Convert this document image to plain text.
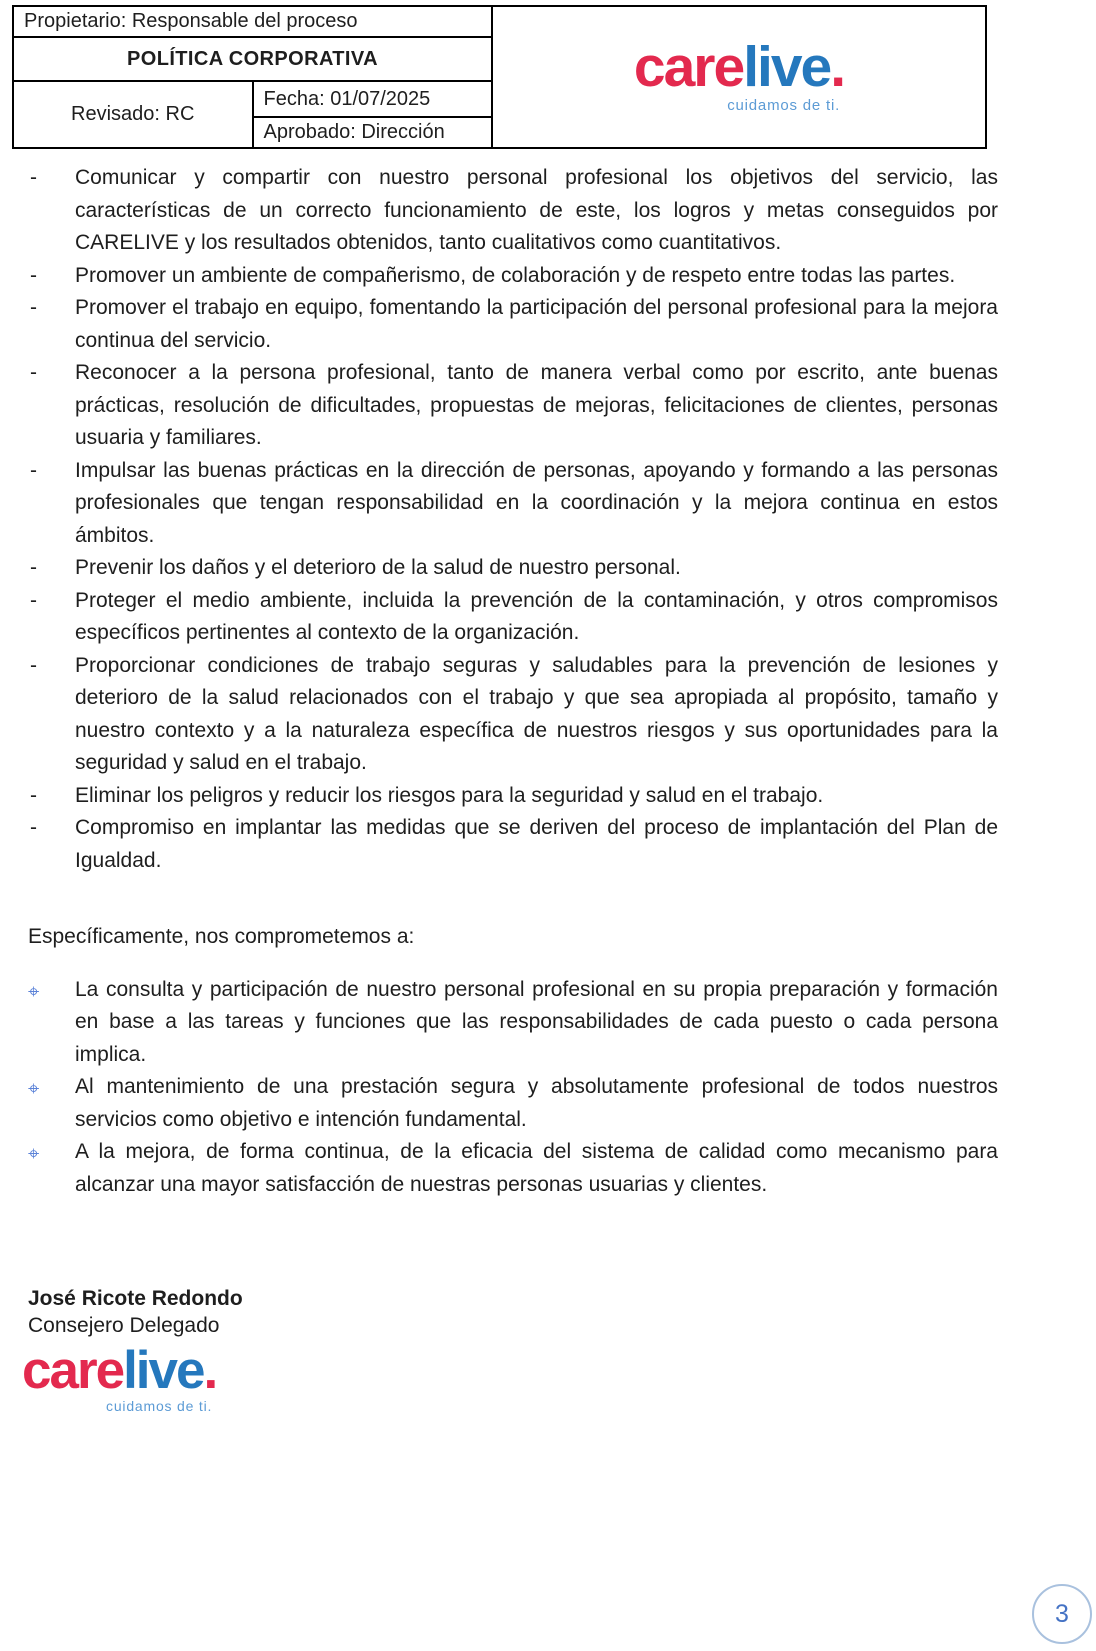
Propietario: Responsable del proceso		carelive.
cuidamos de ti.

POLÍTICA CORPORATIVA		
Revisado: RC	Fecha: 01/07/2025	
	Aprobado: Dirección	
- Comunicar y compartir con nuestro personal profesional los objetivos del servicio, las características de un correcto funcionamiento de este, los logros y metas conseguidos por CARELIVE y los resultados obtenidos, tanto cualitativos como cuantitativos.
- Promover un ambiente de compañerismo, de colaboración y de respeto entre todas las partes.
- Promover el trabajo en equipo, fomentando la participación del personal profesional para la mejora continua del servicio.
- Reconocer a la persona profesional, tanto de manera verbal como por escrito, ante buenas prácticas, resolución de dificultades, propuestas de mejoras, felicitaciones de clientes, personas usuaria y familiares.
- Impulsar las buenas prácticas en la dirección de personas, apoyando y formando a las personas profesionales que tengan responsabilidad en la coordinación y la mejora continua en estos ámbitos.
- Prevenir los daños y el deterioro de la salud de nuestro personal.
- Proteger el medio ambiente, incluida la prevención de la contaminación, y otros compromisos específicos pertinentes al contexto de la organización.
- Proporcionar condiciones de trabajo seguras y saludables para la prevención de lesiones y deterioro de la salud relacionados con el trabajo y que sea apropiada al propósito, tamaño y nuestro contexto y a la naturaleza específica de nuestros riesgos y sus oportunidades para la seguridad y salud en el trabajo.
- Eliminar los peligros y reducir los riesgos para la seguridad y salud en el trabajo.
- Compromiso en implantar las medidas que se deriven del proceso de implantación del Plan de Igualdad.

Específicamente, nos comprometemos a:

⌖ La consulta y participación de nuestro personal profesional en su propia preparación y formación en base a las tareas y funciones que las responsabilidades de cada puesto o cada persona implica.
⌖ Al mantenimiento de una prestación segura y absolutamente profesional de todos nuestros servicios como objetivo e intención fundamental.
⌖ A la mejora, de forma continua, de la eficacia del sistema de calidad como mecanismo para alcanzar una mayor satisfacción de nuestras personas usuarias y clientes.
José Ricote Redondo
Consejero Delegado
carelive.
cuidamos de ti.
3
